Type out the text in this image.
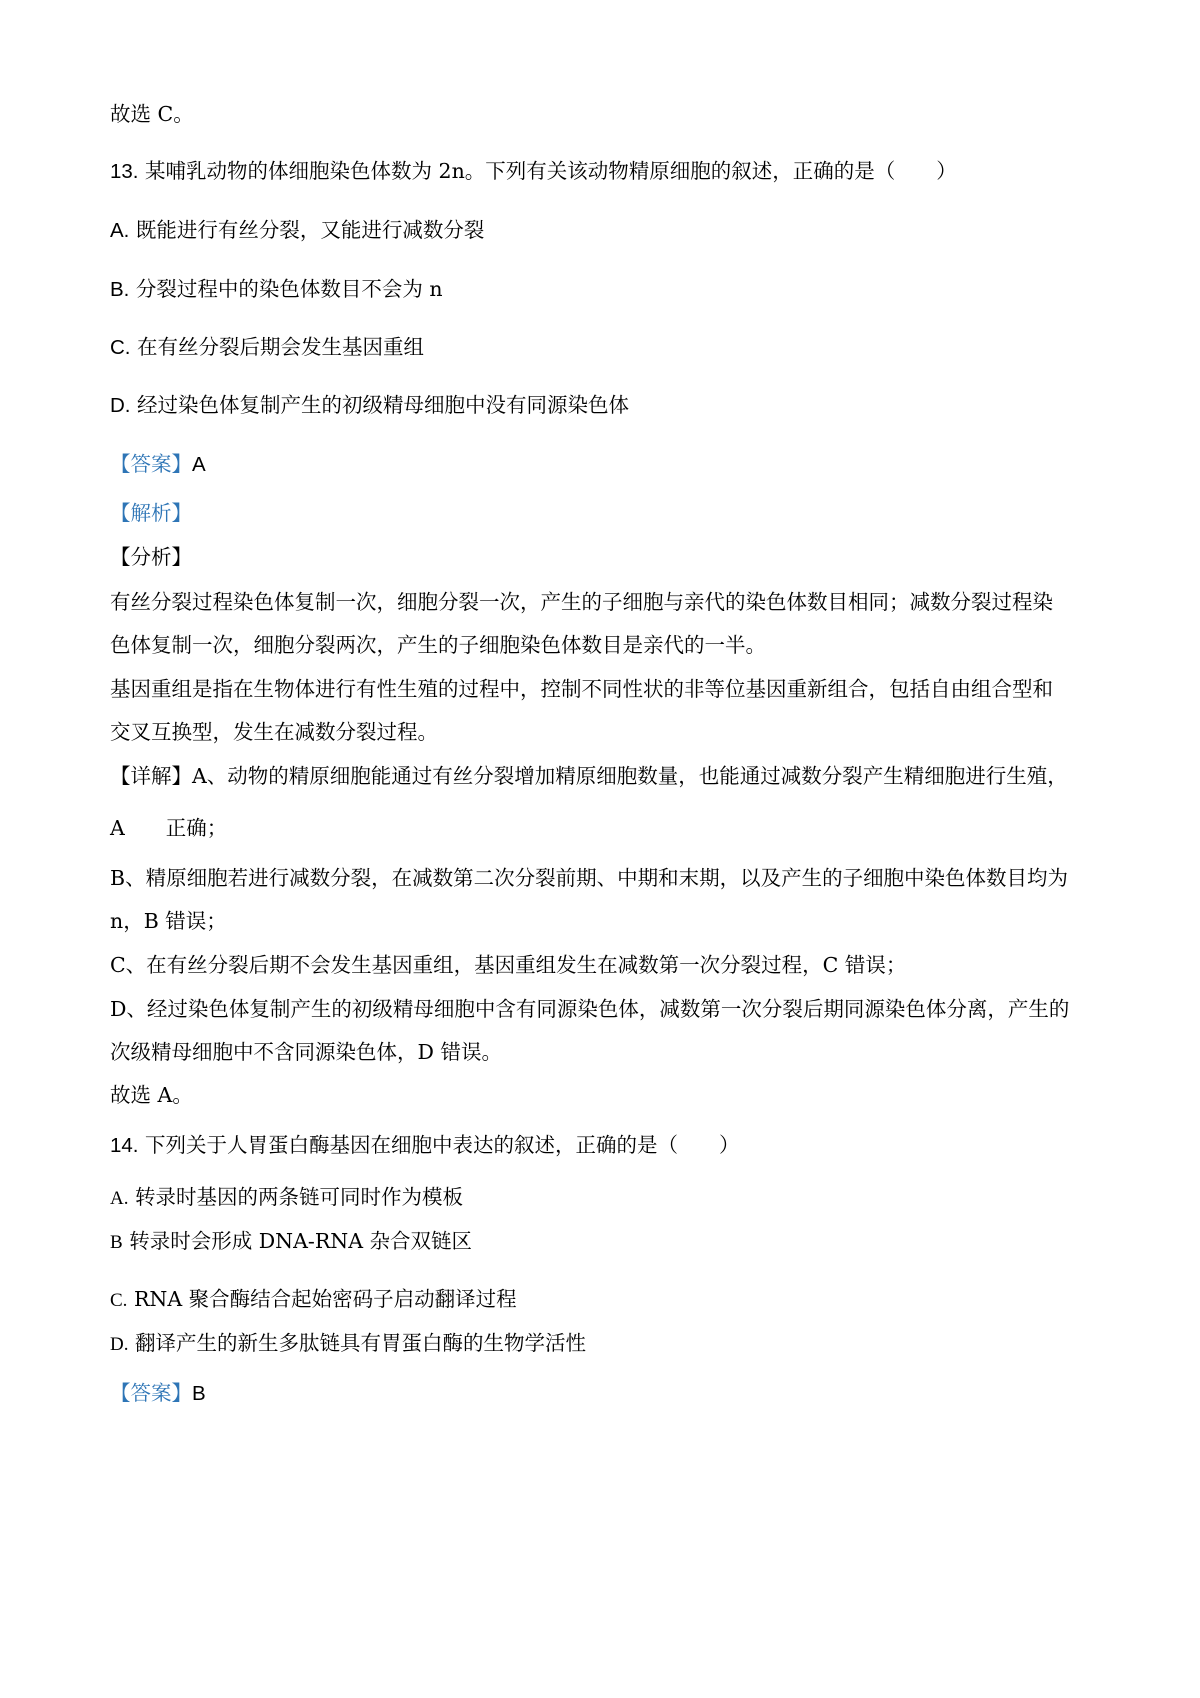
故选 C。
13. 某哺乳动物的体细胞染色体数为 2n。下列有关该动物精原细胞的叙述，正确的是（　　）
A. 既能进行有丝分裂，又能进行减数分裂
B. 分裂过程中的染色体数目不会为 n
C. 在有丝分裂后期会发生基因重组
D. 经过染色体复制产生的初级精母细胞中没有同源染色体
【答案】A
【解析】
【分析】
有丝分裂过程染色体复制一次，细胞分裂一次，产生的子细胞与亲代的染色体数目相同；减数分裂过程染
色体复制一次，细胞分裂两次，产生的子细胞染色体数目是亲代的一半。
基因重组是指在生物体进行有性生殖的过程中，控制不同性状的非等位基因重新组合，包括自由组合型和
交叉互换型，发生在减数分裂过程。
【详解】A、动物的精原细胞能通过有丝分裂增加精原细胞数量，也能通过减数分裂产生精细胞进行生殖，
A　　正确；
B、精原细胞若进行减数分裂，在减数第二次分裂前期、中期和末期，以及产生的子细胞中染色体数目均为
n，B 错误；
C、在有丝分裂后期不会发生基因重组，基因重组发生在减数第一次分裂过程，C 错误；
D、经过染色体复制产生的初级精母细胞中含有同源染色体，减数第一次分裂后期同源染色体分离，产生的
次级精母细胞中不含同源染色体，D 错误。
故选 A。
14. 下列关于人胃蛋白酶基因在细胞中表达的叙述，正确的是（　　）
A. 转录时基因的两条链可同时作为模板
B 转录时会形成 DNA-RNA 杂合双链区
C. RNA 聚合酶结合起始密码子启动翻译过程
D. 翻译产生的新生多肽链具有胃蛋白酶的生物学活性
【答案】B
